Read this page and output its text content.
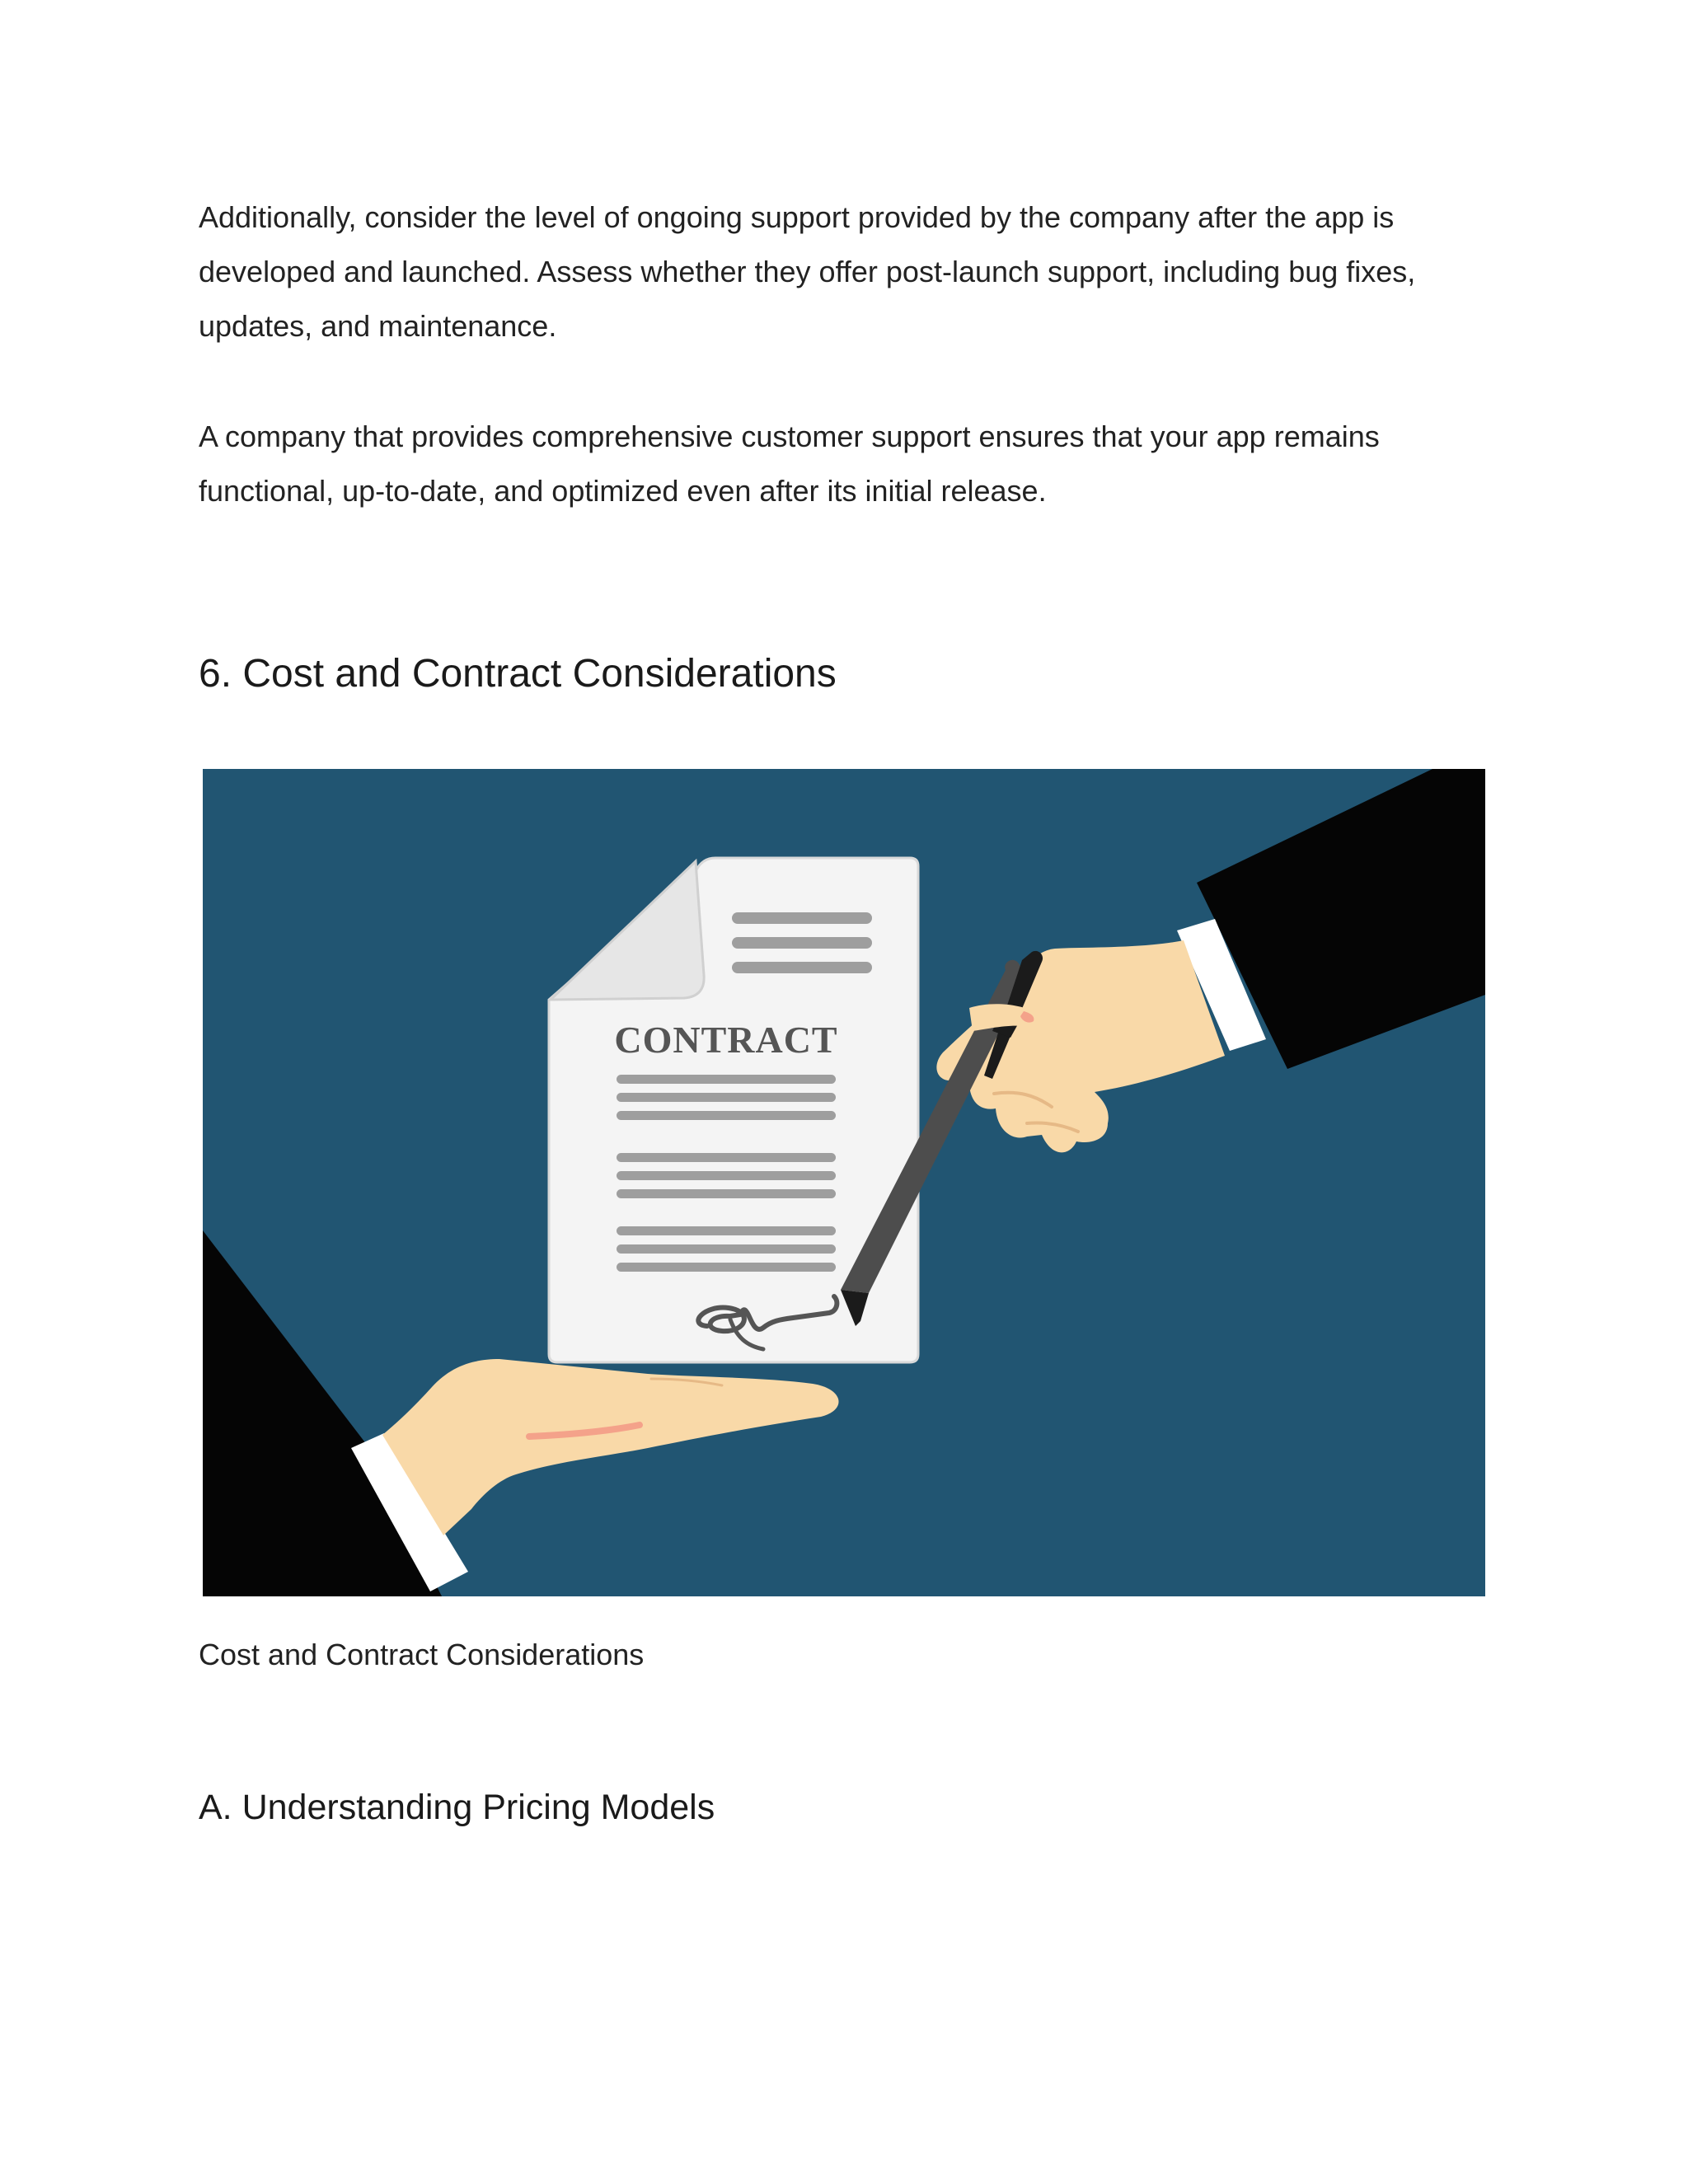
Additionally, consider the level of ongoing support provided by the company after the app is developed and launched. Assess whether they offer post-launch support, including bug fixes, updates, and maintenance.

A company that provides comprehensive customer support ensures that your app remains functional, up-to-date, and optimized even after its initial release.

6. Cost and Contract Considerations
CONTRACT

Cost and Contract Considerations

A. Understanding Pricing Models
